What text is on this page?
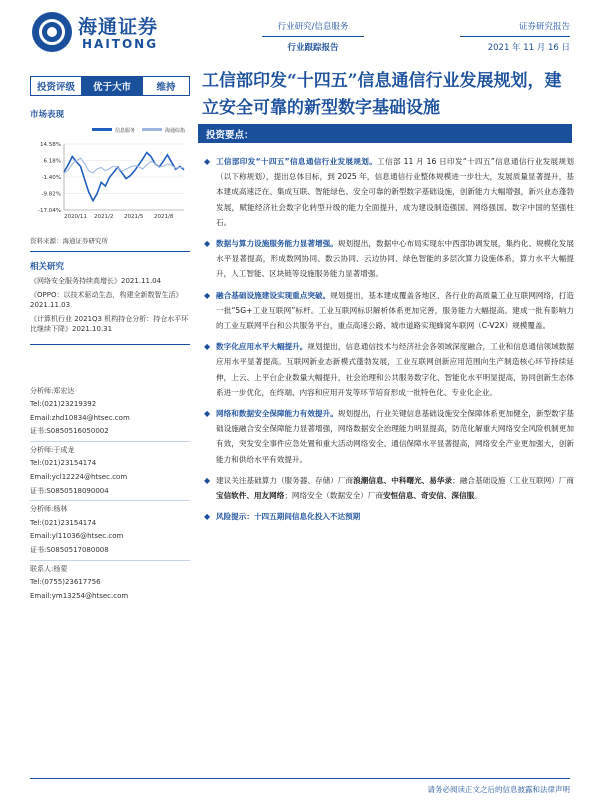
海通证券
HAITONG
行业研究/信息服务
行业跟踪报告
证券研究报告
2021 年 11 月 16 日
投资评级	优于大市	维持
市场表现
信息服务	海通综指
14.58%
6.18%
-1.40%
-9.82%
-17.04%
2020/11 2021/2 2021/5 2021/8
资料来源：海通证券研究所
相关研究
《网络安全服务持续高增长》2021.11.04
《OPPO：以技术驱动生态，构建全新数智生活》2021.11.03
《计算机行业 2021Q3 机构持仓分析：持仓水平环比继续下降》2021.10.31
分析师:郑宏达
Tel:(021)23219392
Email:zhd10834@htsec.com
证书:S0850516050002
分析师:于成龙
Tel:(021)23154174
Email:ycl12224@htsec.com
证书:S0850518090004
分析师:杨林
Tel:(021)23154174
Email:yl11036@htsec.com
证书:S0850517080008
联系人:杨蒙
Tel:(0755)23617756
Email:ym13254@htsec.com
工信部印发“十四五”信息通信行业发展规划，建立安全可靠的新型数字基础设施
投资要点：
◆ 工信部印发“十四五”信息通信行业发展规划。工信部 11 月 16 日印发“十四五”信息通信行业发展规划（以下称规划），提出总体目标，到 2025 年，信息通信行业整体规模进一步壮大，发展质量显著提升，基本建成高速泛在、集成互联、智能绿色、安全可靠的新型数字基础设施，创新能力大幅增强，新兴业态蓬勃发展，赋能经济社会数字化转型升级的能力全面提升，成为建设制造强国、网络强国、数字中国的坚强柱石。
◆ 数据与算力设施服务能力显著增强。规划提出，数据中心布局实现东中西部协调发展，集约化、规模化发展水平显著提高，形成数网协同、数云协同、云边协同、绿色智能的多层次算力设施体系，算力水平大幅提升，人工智能、区块链等设施服务能力显著增强。
◆ 融合基础设施建设实现重点突破。规划提出，基本建成覆盖各地区、各行业的高质量工业互联网网络，打造一批“5G+工业互联网”标杆。工业互联网标识解析体系更加完善，服务能力大幅提高。建成一批有影响力的工业互联网平台和公共服务平台，重点高速公路、城市道路实现蜂窝车联网（C-V2X）规模覆盖。
◆ 数字化应用水平大幅提升。规划提出，信息通信技术与经济社会各领域深度融合，工业和信息通信领域数据应用水平显著提高。互联网新业态新模式蓬勃发展，工业互联网创新应用范围向生产制造核心环节持续延伸，上云、上平台企业数量大幅提升，社会治理和公共服务数字化、智能化水平明显提高，协同创新生态体系进一步优化，在终端、内容和应用开发等环节培育形成一批特色化、专业化企业。
◆ 网络和数据安全保障能力有效提升。规划提出，行业关键信息基础设施安全保障体系更加健全，新型数字基础设施融合安全保障能力显著增强，网络数据安全治理能力明显提高，防范化解重大网络安全风险机制更加有效，突发安全事件应急处置和重大活动网络安全、通信保障水平显著提高，网络安全产业更加强大，创新能力和供给水平有效提升。
◆ 建议关注基础算力（服务器、存储）厂商浪潮信息、中科曙光、易华录；融合基础设施（工业互联网）厂商宝信软件、用友网络；网络安全（数据安全）厂商安恒信息、奇安信、深信服。
◆ 风险提示：十四五期间信息化投入不达预期
请务必阅读正文之后的信息披露和法律声明
